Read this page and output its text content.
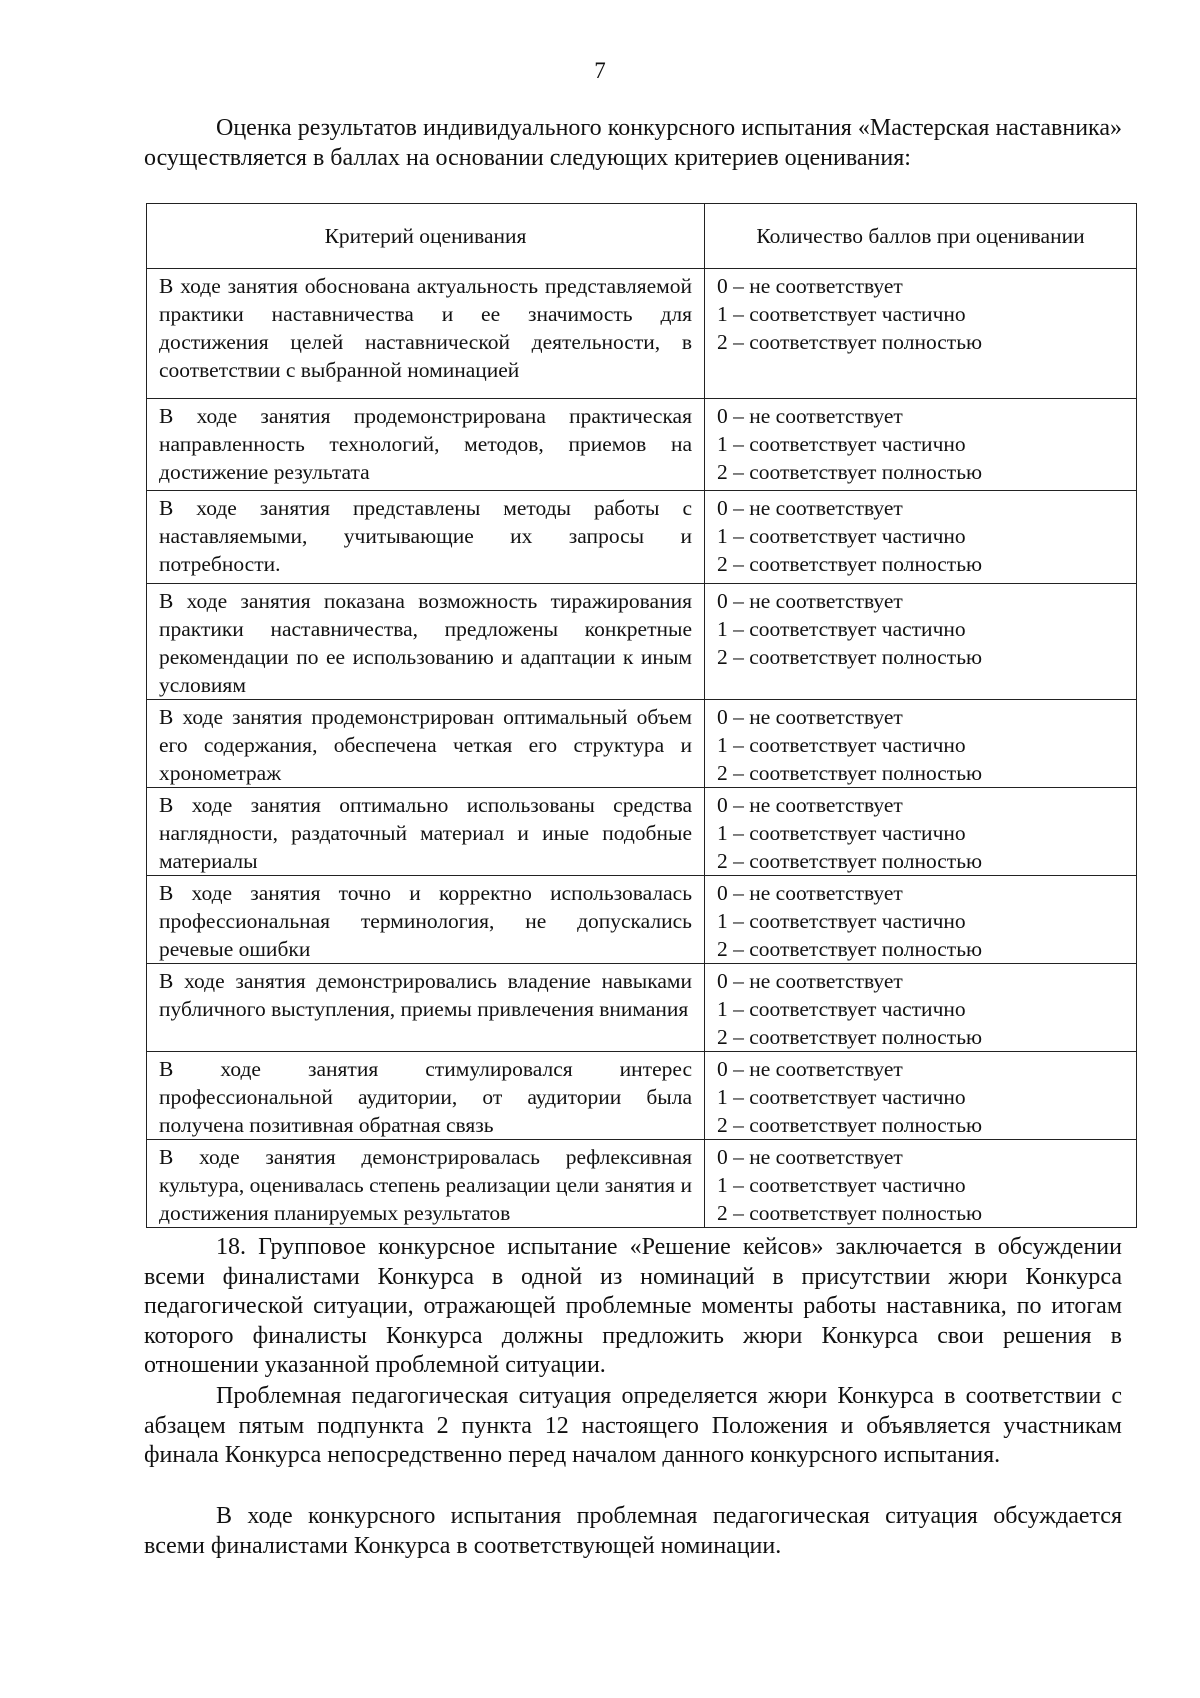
7

Оценка результатов индивидуального конкурсного испытания «Мастерская наставника» осуществляется в баллах на основании следующих критериев оценивания:

Критерий оценивания	Количество баллов при оценивании
В ходе занятия обоснована актуальность представляемой практики наставничества и ее значимость для достижения целей наставнической деятельности, в соответствии с выбранной номинацией	0 – не соответствует
1 – соответствует частично
2 – соответствует полностью

В ходе занятия продемонстрирована практическая направленность технологий, методов, приемов на достижение результата	0 – не соответствует
1 – соответствует частично
2 – соответствует полностью

В ходе занятия представлены методы работы с наставляемыми, учитывающие их запросы и потребности.	0 – не соответствует
1 – соответствует частично
2 – соответствует полностью

В ходе занятия показана возможность тиражирования практики наставничества, предложены конкретные рекомендации по ее использованию и адаптации к иным условиям	0 – не соответствует
1 – соответствует частично
2 – соответствует полностью

В ходе занятия продемонстрирован оптимальный объем его содержания, обеспечена четкая его структура и хронометраж	0 – не соответствует
1 – соответствует частично
2 – соответствует полностью

В ходе занятия оптимально использованы средства наглядности, раздаточный материал и иные подобные материалы	0 – не соответствует
1 – соответствует частично
2 – соответствует полностью

В ходе занятия точно и корректно использовалась профессиональная терминология, не допускались речевые ошибки	0 – не соответствует
1 – соответствует частично
2 – соответствует полностью

В ходе занятия демонстрировались владение навыками публичного выступления, приемы привлечения внимания	0 – не соответствует
1 – соответствует частично
2 – соответствует полностью

В ходе занятия стимулировался интерес профессиональной аудитории, от аудитории была получена позитивная обратная связь	0 – не соответствует
1 – соответствует частично
2 – соответствует полностью

В ходе занятия демонстрировалась рефлексивная культура, оценивалась степень реализации цели занятия и достижения планируемых результатов	0 – не соответствует
1 – соответствует частично
2 – соответствует полностью

18. Групповое конкурсное испытание «Решение кейсов» заключается в обсуждении всеми финалистами Конкурса в одной из номинаций в присутствии жюри Конкурса педагогической ситуации, отражающей проблемные моменты работы наставника, по итогам которого финалисты Конкурса должны предложить жюри Конкурса свои решения в отношении указанной проблемной ситуации.

Проблемная педагогическая ситуация определяется жюри Конкурса в соответствии с абзацем пятым подпункта 2 пункта 12 настоящего Положения и объявляется участникам финала Конкурса непосредственно перед началом данного конкурсного испытания.

В ходе конкурсного испытания проблемная педагогическая ситуация обсуждается всеми финалистами Конкурса в соответствующей номинации.
